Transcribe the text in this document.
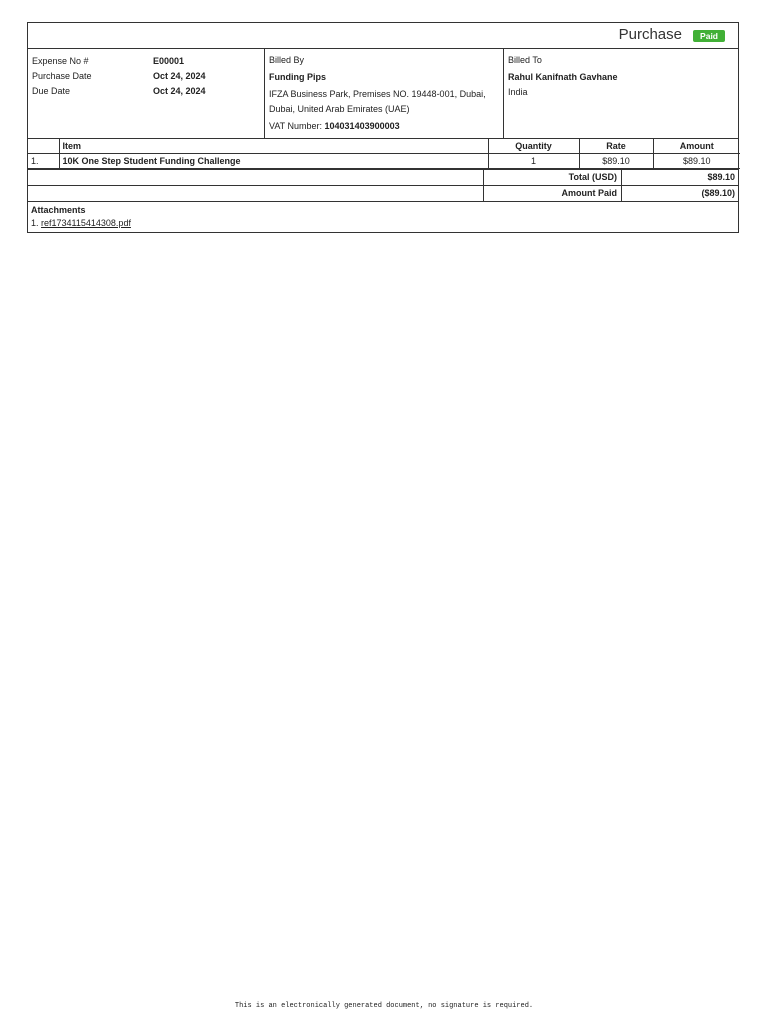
Purchase	Paid
Expense No #	E00001
Purchase Date	Oct 24, 2024
Due Date	Oct 24, 2024
Billed By
Funding Pips
IFZA Business Park, Premises NO. 19448-001, Dubai,
Dubai, United Arab Emirates (UAE)
VAT Number: 104031403900003
Billed To
Rahul Kanifnath Gavhane
India
	Item	Quantity	Rate	Amount
1.	10K One Step Student Funding Challenge	1	$89.10	$89.10
Total (USD)	$89.10
Amount Paid	($89.10)
Attachments
1. ref1734115414308.pdf
This is an electronically generated document, no signature is required.
